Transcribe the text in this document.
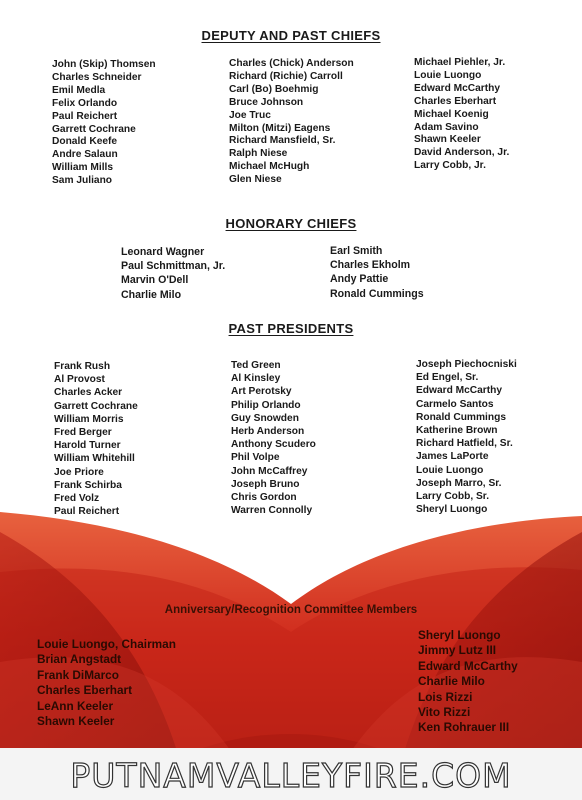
DEPUTY AND PAST CHIEFS
John (Skip) Thomsen
Charles Schneider
Emil Medla
Felix Orlando
Paul Reichert
Garrett Cochrane
Donald Keefe
Andre Salaun
William Mills
Sam Juliano
Charles (Chick) Anderson
Richard (Richie) Carroll
Carl (Bo) Boehmig
Bruce Johnson
Joe Truc
Milton (Mitzi) Eagens
Richard Mansfield, Sr.
Ralph Niese
Michael McHugh
Glen Niese
Michael Piehler, Jr.
Louie Luongo
Edward McCarthy
Charles Eberhart
Michael Koenig
Adam Savino
Shawn Keeler
David Anderson, Jr.
Larry Cobb, Jr.
HONORARY CHIEFS
Leonard Wagner
Paul Schmittman, Jr.
Marvin O'Dell
Charlie Milo
Earl Smith
Charles Ekholm
Andy Pattie
Ronald Cummings
PAST PRESIDENTS
Frank Rush
Al Provost
Charles Acker
Garrett Cochrane
William Morris
Fred Berger
Harold Turner
William Whitehill
Joe Priore
Frank Schirba
Fred Volz
Paul Reichert
Ted Green
Al Kinsley
Art Perotsky
Philip Orlando
Guy Snowden
Herb Anderson
Anthony Scudero
Phil Volpe
John McCaffrey
Joseph Bruno
Chris Gordon
Warren Connolly
Joseph Piechocniski
Ed Engel, Sr.
Edward McCarthy
Carmelo Santos
Ronald Cummings
Katherine Brown
Richard Hatfield, Sr.
James LaPorte
Louie Luongo
Joseph Marro, Sr.
Larry Cobb, Sr.
Sheryl Luongo
Anniversary/Recognition Committee Members
Louie Luongo, Chairman
Brian Angstadt
Frank DiMarco
Charles Eberhart
LeAnn Keeler
Shawn Keeler
Sheryl Luongo
Jimmy Lutz III
Edward McCarthy
Charlie Milo
Lois Rizzi
Vito Rizzi
Ken Rohrauer III
PUTNAMVALLEYFIRE.COM
